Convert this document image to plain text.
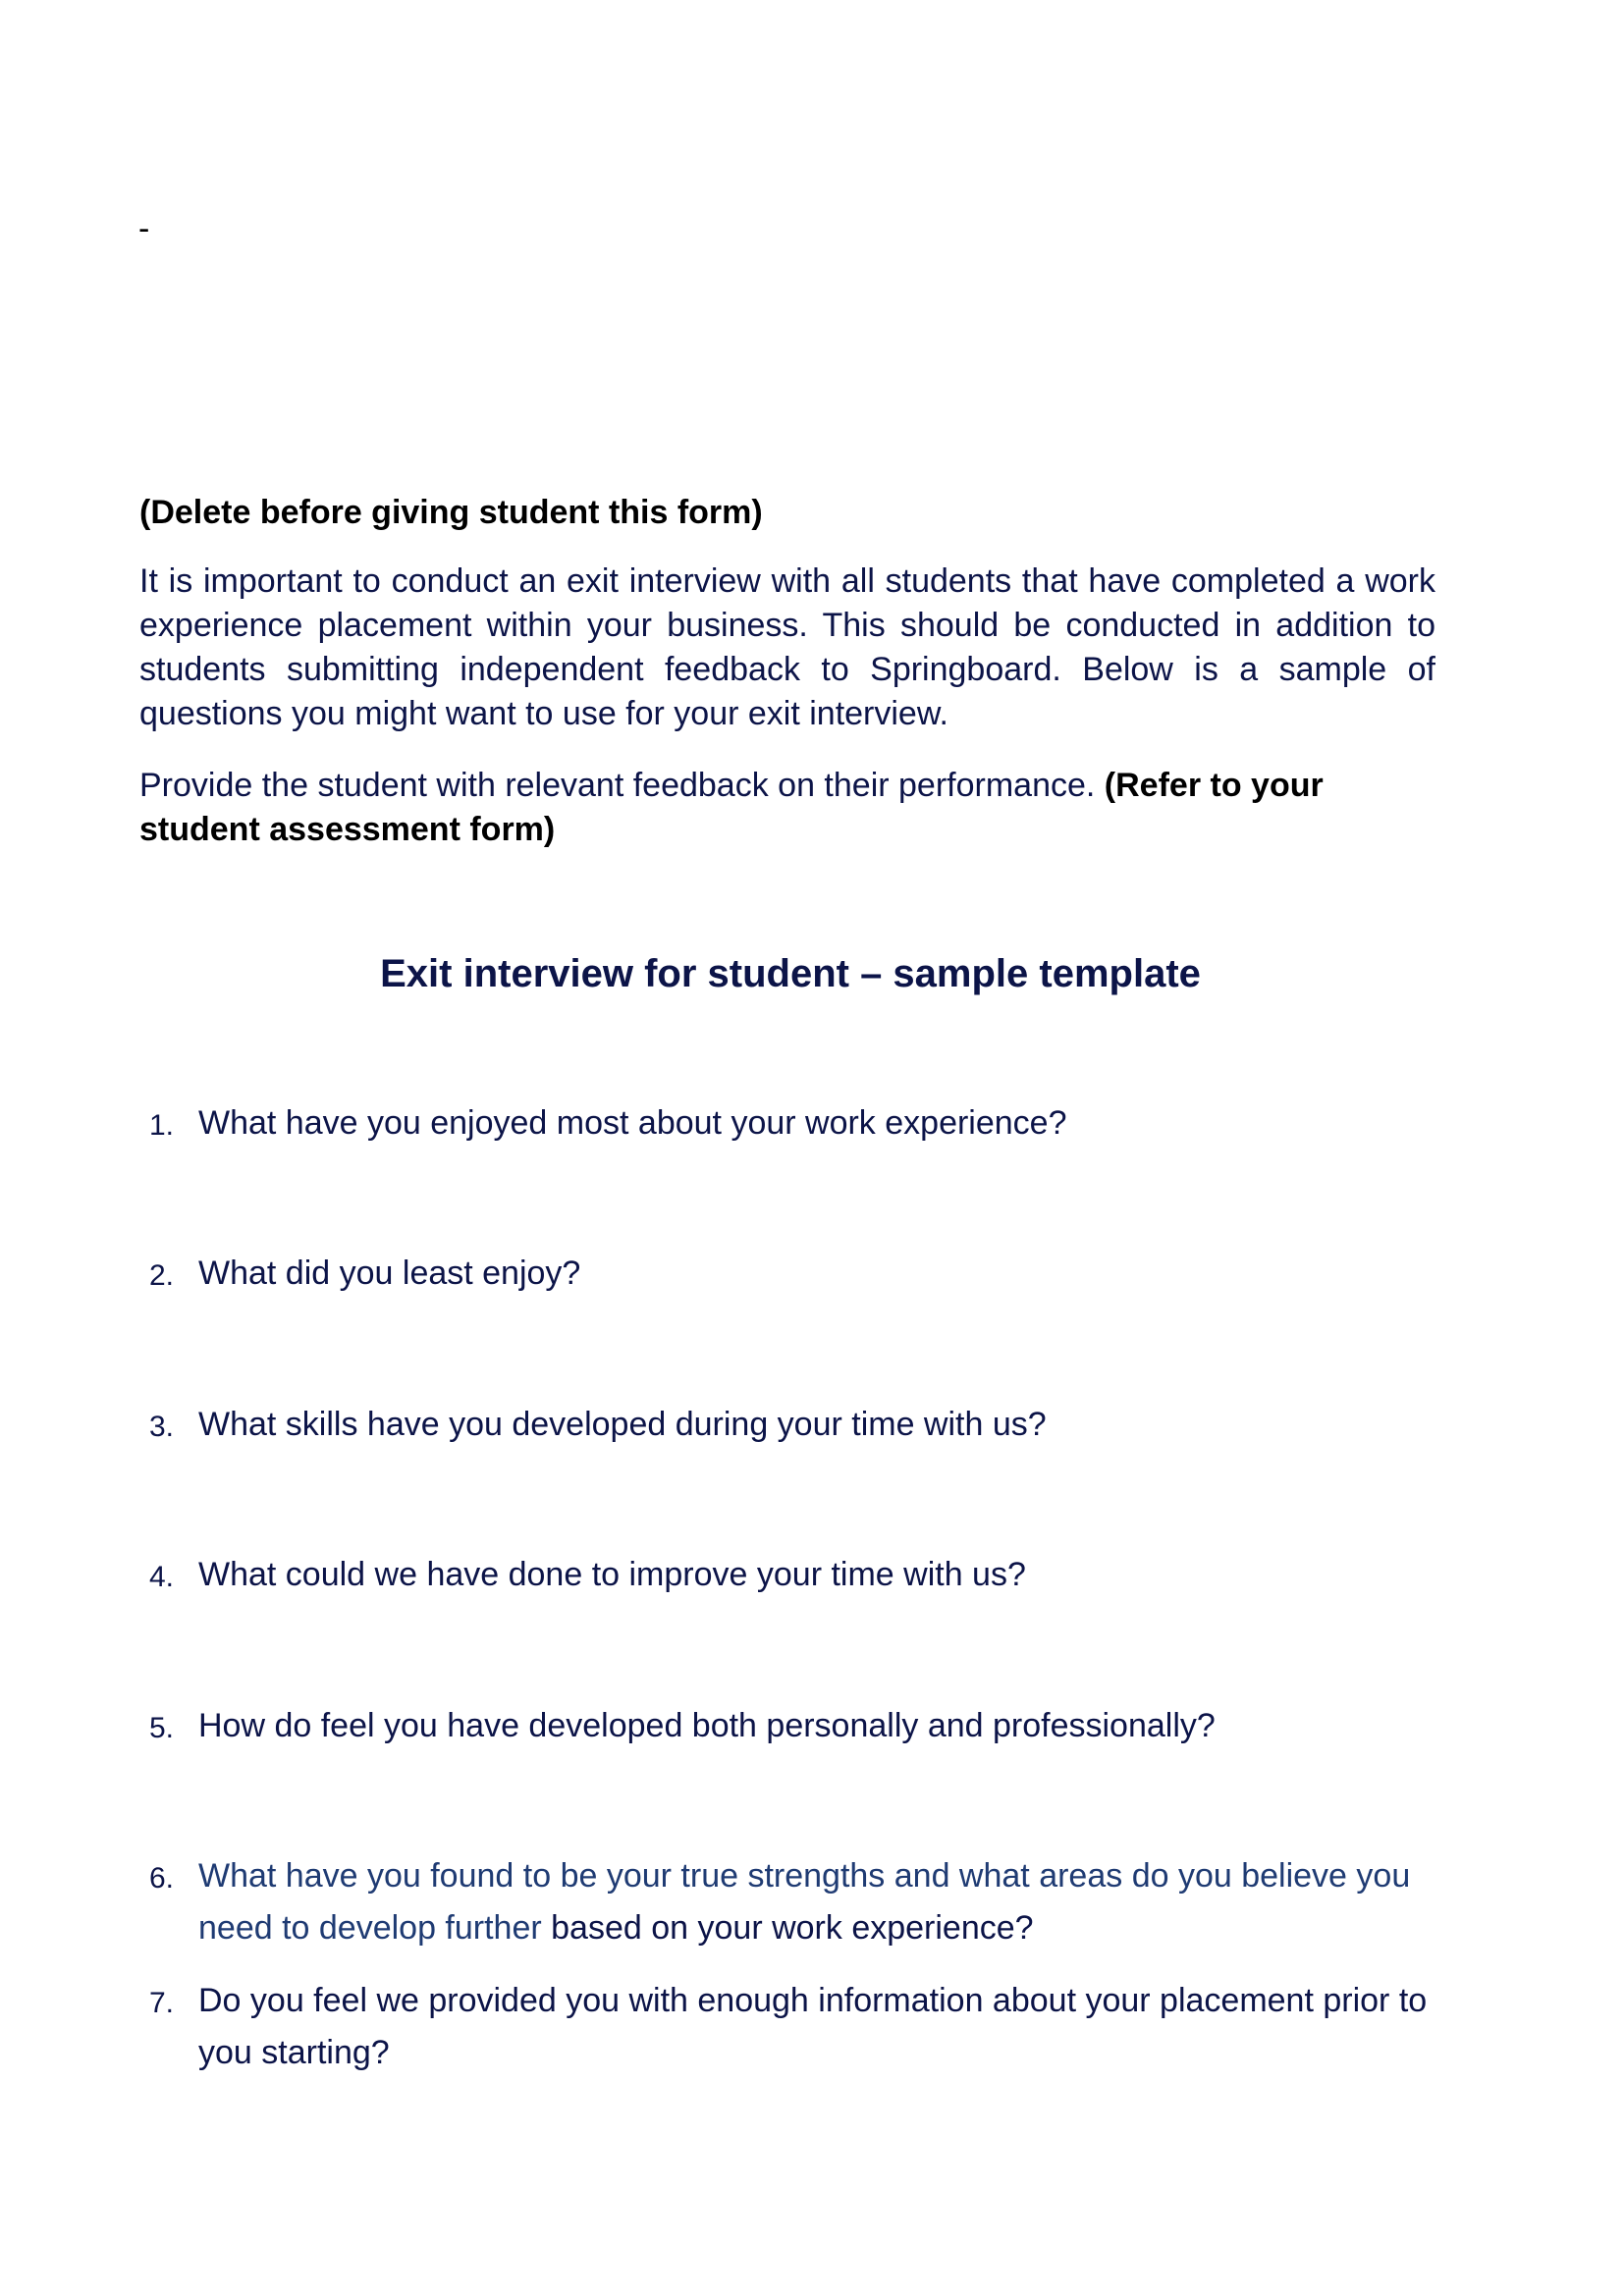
-
(Delete before giving student this form)
It is important to conduct an exit interview with all students that have completed a work experience placement within your business. This should be conducted in addition to students submitting independent feedback to Springboard. Below is a sample of questions you might want to use for your exit interview.
Provide the student with relevant feedback on their performance. (Refer to your student assessment form)
Exit interview for student – sample template
1. What have you enjoyed most about your work experience?
2. What did you least enjoy?
3. What skills have you developed during your time with us?
4. What could we have done to improve your time with us?
5. How do feel you have developed both personally and professionally?
6. What have you found to be your true strengths and what areas do you believe you need to develop further based on your work experience?
7. Do you feel we provided you with enough information about your placement prior to you starting?
